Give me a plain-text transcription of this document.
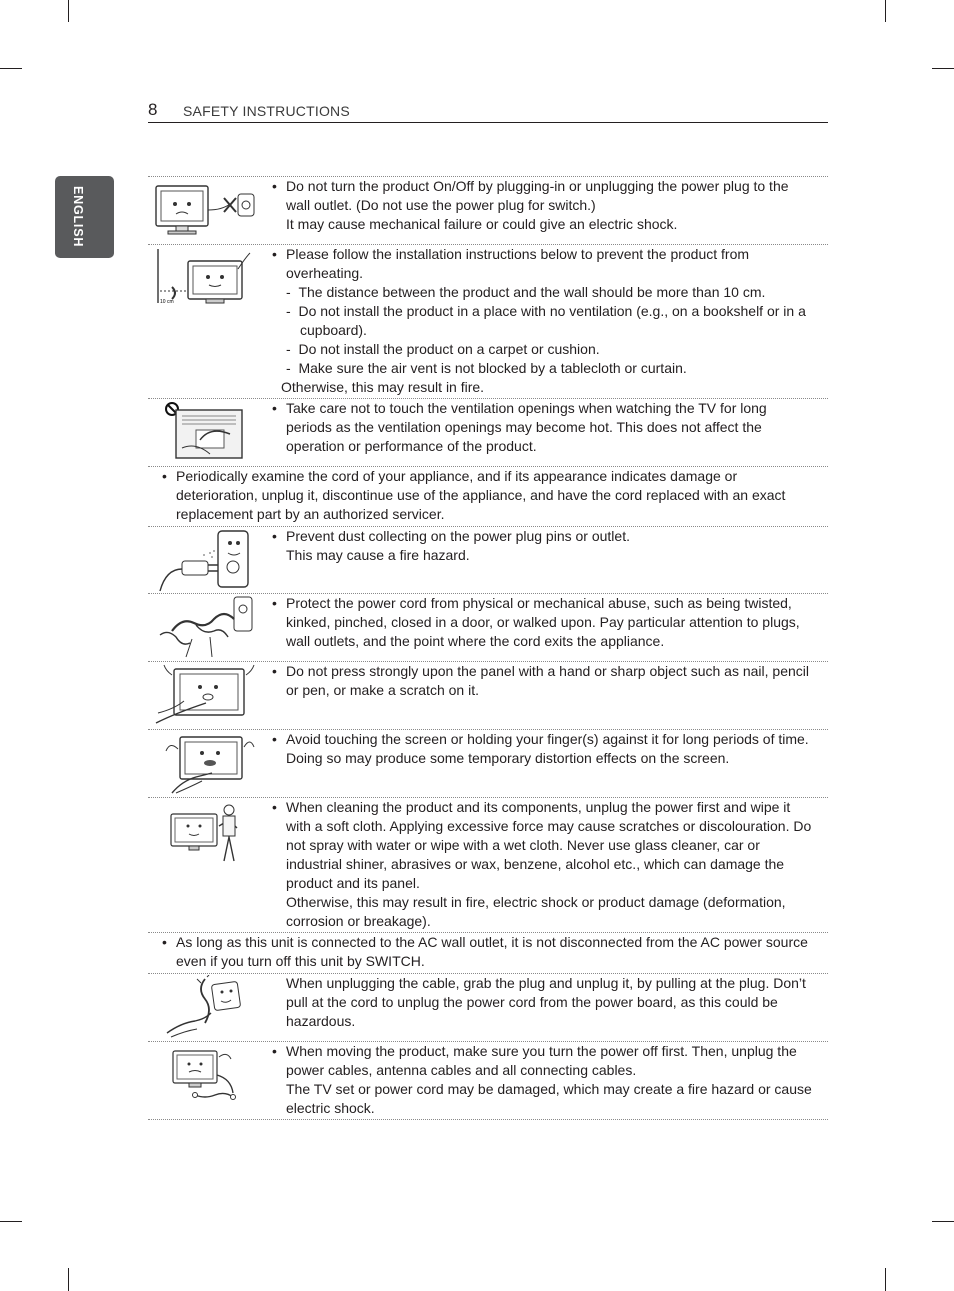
8 SAFETY INSTRUCTIONS
ENGLISH	• Do not turn the product On/Off by plugging-in or unplugging the power plug to the wall outlet. (Do not use the power plug for switch.)

It may cause mechanical failure or could give an electric shock.

10 cm
• Please follow the installation instructions below to prevent the product from overheating.

-  The distance between the product and the wall should be more than 10 cm.
-  Do not install the product in a place with no ventilation (e.g., on a bookshelf or in a cupboard).
-  Do not install the product on a carpet or cushion.
-  Make sure the air vent is not blocked by a tablecloth or curtain.
Otherwise, this may result in fire.
• Take care not to touch the ventilation openings when watching the TV for long periods as the ventilation openings may become hot. This does not affect the operation or performance of the product.

• Periodically examine the cord of your appliance, and if its appearance indicates damage or deterioration, unplug it, discontinue use of the appliance, and have the cord replaced with an exact replacement part by an authorized servicer.

• Prevent dust collecting on the power plug pins or outlet.

This may cause a fire hazard.

• Protect the power cord from physical or mechanical abuse, such as being twisted, kinked, pinched, closed in a door, or walked upon. Pay particular attention to plugs, wall outlets, and the point where the cord exits the appliance.

• Do not press strongly upon the panel with a hand or sharp object such as nail, pencil or pen, or make a scratch on it.

• Avoid touching the screen or holding your finger(s) against it for long periods of time. Doing so may produce some temporary distortion effects on the screen.

• When cleaning the product and its components, unplug the power first and wipe it with a soft cloth. Applying excessive force may cause scratches or discolouration. Do not spray with water or wipe with a wet cloth. Never use glass cleaner, car or industrial shiner, abrasives or wax, benzene, alcohol etc., which can damage the product and its panel.

Otherwise, this may result in fire, electric shock or product damage (deformation, corrosion or breakage).

• As long as this unit is connected to the AC wall outlet, it is not disconnected from the AC power source even if you turn off this unit by SWITCH.

When unplugging the cable, grab the plug and unplug it, by pulling at the plug. Don’t pull at the cord to unplug the power cord from the power board, as this could be hazardous.

• When moving the product, make sure you turn the power off first. Then, unplug the power cables, antenna cables and all connecting cables.

The TV set or power cord may be damaged, which may create a fire hazard or cause electric shock.
